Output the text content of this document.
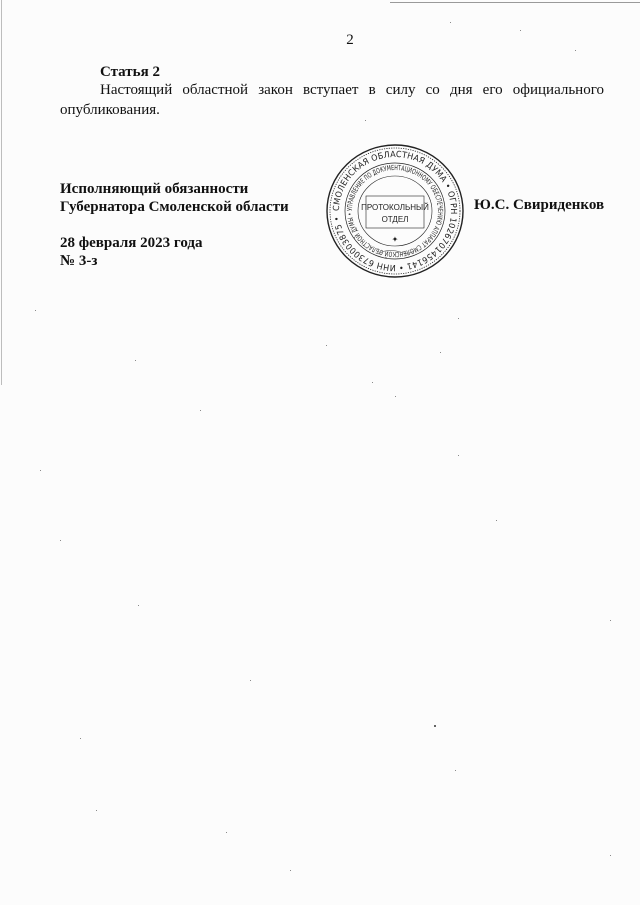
2
Статья 2

Настоящий областной закон вступает в силу со дня его официального опубликования.

Исполняющий обязанности
Губернатора Смоленской области	Ю.С. Свириденков
28 февраля 2023 года
№ 3-з
СМОЛЕНСКАЯ ОБЛАСТНАЯ ДУМА • ОГРН 1026701456141 • ИНН 6730003875 •
УПРАВЛЕНИЕ ПО ДОКУМЕНТАЦИОННОМУ ОБЕСПЕЧЕНИЮ АППАРАТ СМОЛЕНСКОЙ ОБЛАСТНОЙ ДУМЫ •
ПРОТОКОЛЬНЫЙ
ОТДЕЛ
✦
